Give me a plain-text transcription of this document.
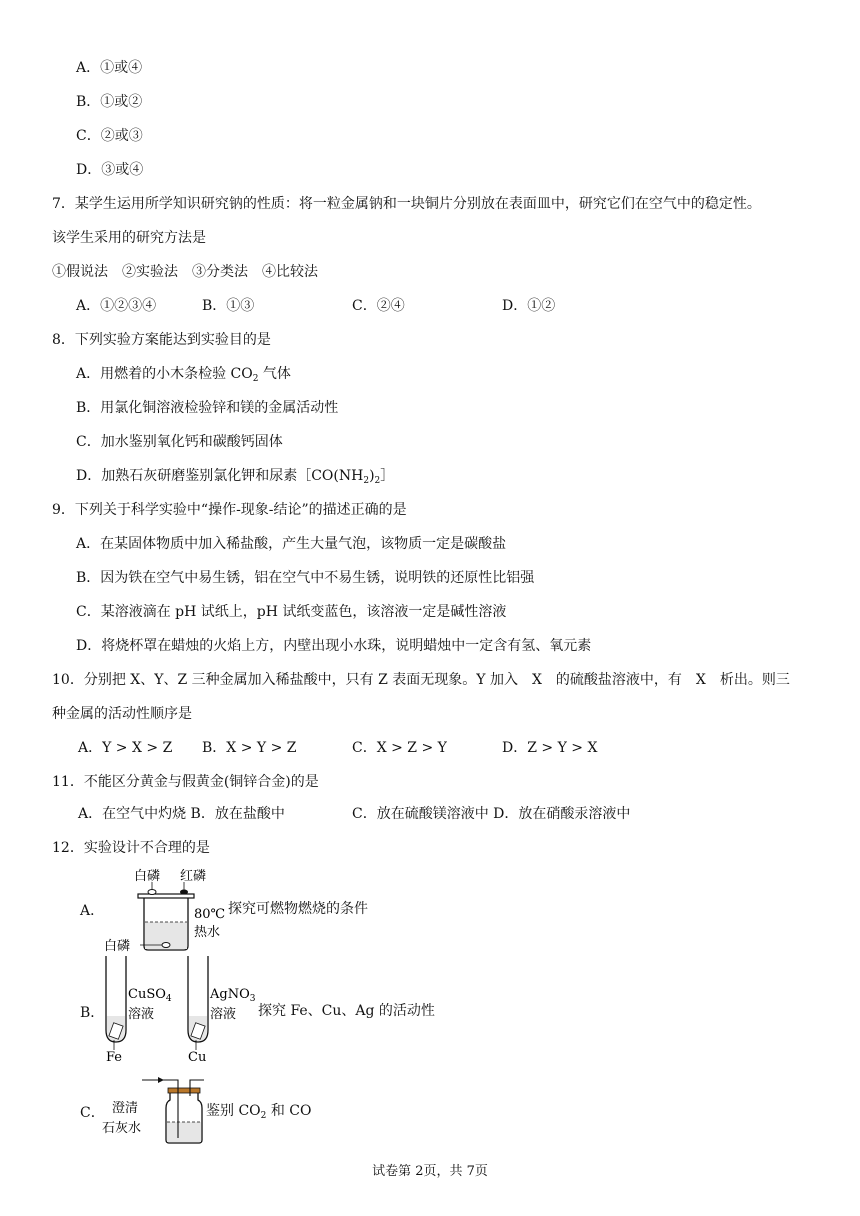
A．①或④
B．①或②
C．②或③
D．③或④
7．某学生运用所学知识研究钠的性质：将一粒金属钠和一块铜片分别放在表面皿中，研究它们在空气中的稳定性。
该学生采用的研究方法是
①假说法　②实验法　③分类法　④比较法
A．①②③④	B．①③	C．②④	D．①②
8．下列实验方案能达到实验目的是
A．用燃着的小木条检验 $CO_2$ 气体
B．用氯化铜溶液检验锌和镁的金属活动性
C．加水鉴别氧化钙和碳酸钙固体
D．加熟石灰研磨鉴别氯化钾和尿素$[CO(NH_2)_2]$
9．下列关于科学实验中“操作-现象-结论”的描述正确的是
A．在某固体物质中加入稀盐酸，产生大量气泡，该物质一定是碳酸盐
B．因为铁在空气中易生锈，铝在空气中不易生锈，说明铁的还原性比铝强
C．某溶液滴在 pH 试纸上，pH 试纸变蓝色，该溶液一定是碱性溶液
D．将烧杯罩在蜡烛的火焰上方，内壁出现小水珠，说明蜡烛中一定含有氢、氧元素
10．分别把 X、Y、Z 三种金属加入稀盐酸中，只有 Z 表面无现象。Y 加入　X　的硫酸盐溶液中，有　X　析出。则三
种金属的活动性顺序是
A．Y > X > Z B．X > Y > Z	C．X > Z > Y	D．Z > Y > X
11．不能区分黄金与假黄金(铜锌合金)的是
A．在空气中灼烧 B．放在盐酸中	C．放在硫酸镁溶液中 D．放在硝酸汞溶液中
12．实验设计不合理的是
A．
白磷 红磷
80℃
热水
白磷
探究可燃物燃烧的条件
B．
CuSO$_4$
溶液
Fe
AgNO$_3$
溶液
Cu
探究 Fe、Cu、Ag 的活动性
C． 澄清
石灰水
鉴别 $CO_2$ 和 CO
试卷第 2页，共 7页
